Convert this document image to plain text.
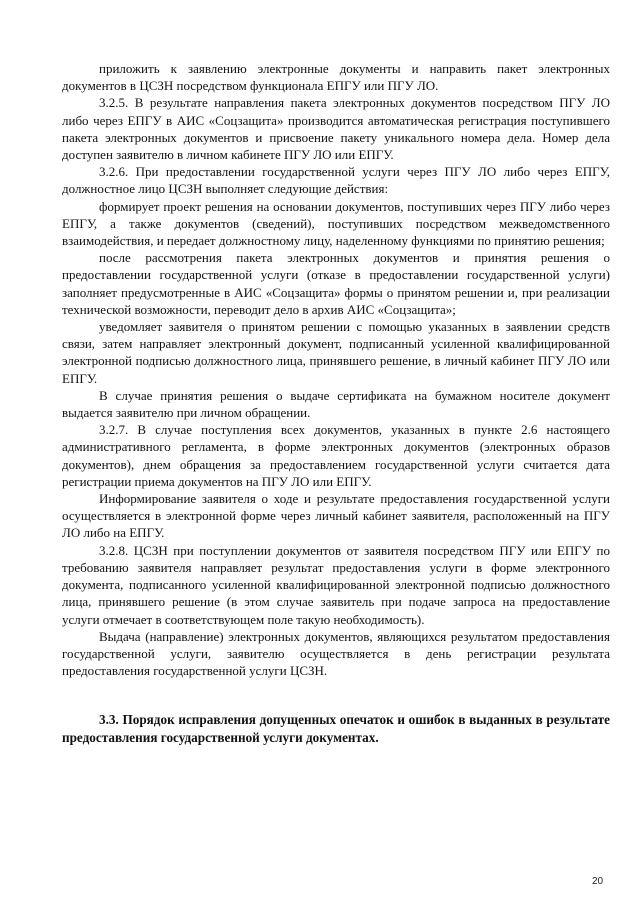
приложить к заявлению электронные документы и направить пакет электронных документов в ЦСЗН посредством функционала ЕПГУ или ПГУ ЛО.

3.2.5. В результате направления пакета электронных документов посредством ПГУ ЛО либо через ЕПГУ в АИС «Соцзащита» производится автоматическая регистрация поступившего пакета электронных документов и присвоение пакету уникального номера дела. Номер дела доступен заявителю в личном кабинете ПГУ ЛО или ЕПГУ.

3.2.6. При предоставлении государственной услуги через ПГУ ЛО либо через ЕПГУ, должностное лицо ЦСЗН выполняет следующие действия:

формирует проект решения на основании документов, поступивших через ПГУ либо через ЕПГУ, а также документов (сведений), поступивших посредством межведомственного взаимодействия, и передает должностному лицу, наделенному функциями по принятию решения;

после рассмотрения пакета электронных документов и принятия решения о предоставлении государственной услуги (отказе в предоставлении государственной услуги) заполняет предусмотренные в АИС «Соцзащита» формы о принятом решении и, при реализации технической возможности, переводит дело в архив АИС «Соцзащита»;

уведомляет заявителя о принятом решении с помощью указанных в заявлении средств связи, затем направляет электронный документ, подписанный усиленной квалифицированной электронной подписью должностного лица, принявшего решение, в личный кабинет ПГУ ЛО или ЕПГУ.

В случае принятия решения о выдаче сертификата на бумажном носителе документ выдается заявителю при личном обращении.

3.2.7. В случае поступления всех документов, указанных в пункте 2.6 настоящего административного регламента, в форме электронных документов (электронных образов документов), днем обращения за предоставлением государственной услуги считается дата регистрации приема документов на ПГУ ЛО или ЕПГУ.

Информирование заявителя о ходе и результате предоставления государственной услуги осуществляется в электронной форме через личный кабинет заявителя, расположенный на ПГУ ЛО либо на ЕПГУ.

3.2.8. ЦСЗН при поступлении документов от заявителя посредством ПГУ или ЕПГУ по требованию заявителя направляет результат предоставления услуги в форме электронного документа, подписанного усиленной квалифицированной электронной подписью должностного лица, принявшего решение (в этом случае заявитель при подаче запроса на предоставление услуги отмечает в соответствующем поле такую необходимость).

Выдача (направление) электронных документов, являющихся результатом предоставления государственной услуги, заявителю осуществляется в день регистрации результата предоставления государственной услуги ЦСЗН.

3.3. Порядок исправления допущенных опечаток и ошибок в выданных в результате предоставления государственной услуги документах.

20
